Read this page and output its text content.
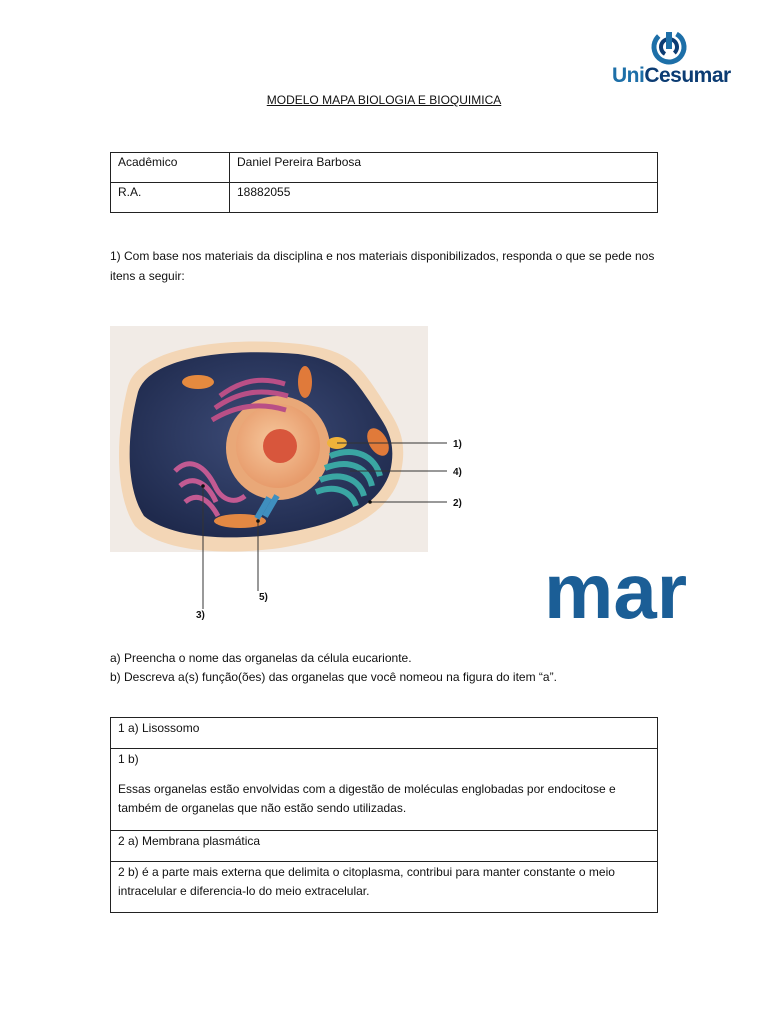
UniCesumar
MODELO MAPA BIOLOGIA E BIOQUIMICA
Acadêmico	Daniel Pereira Barbosa
R.A.	18882055
1) Com base nos materiais da disciplina e nos materiais disponibilizados, responda o que se pede nos itens a seguir:
mar
1)
4)
2)
5)
3)
a) Preencha o nome das organelas da célula eucarionte.
b) Descreva a(s) função(ões) das organelas que você nomeou na figura do item “a”.
1 a) Lisossomo
1 b)
Essas organelas estão envolvidas com a digestão de moléculas englobadas por endocitose e também de organelas que não estão sendo utilizadas.
2 a) Membrana plasmática
2 b) é a parte mais externa que delimita o citoplasma, contribui para manter constante o meio intracelular e diferencia-lo do meio extracelular.
